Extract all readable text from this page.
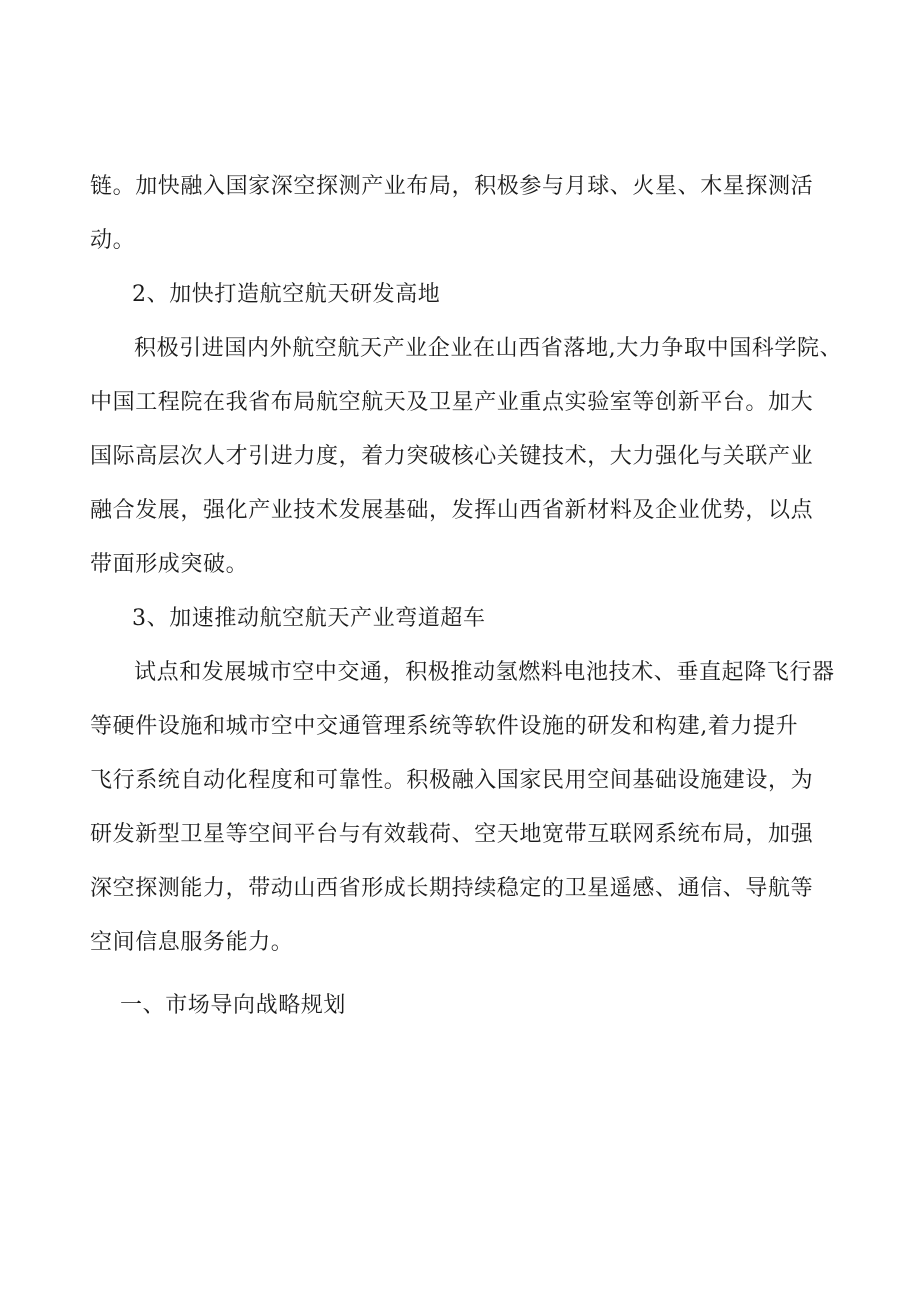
链。加快融入国家深空探测产业布局，积极参与月球、火星、木星探测活
动。
2、加快打造航空航天研发高地
积极引进国内外航空航天产业企业在山西省落地,大力争取中国科学院、
中国工程院在我省布局航空航天及卫星产业重点实验室等创新平台。加大
国际高层次人才引进力度，着力突破核心关键技术，大力强化与关联产业
融合发展，强化产业技术发展基础，发挥山西省新材料及企业优势，以点
带面形成突破。
3、加速推动航空航天产业弯道超车
试点和发展城市空中交通，积极推动氢燃料电池技术、垂直起降飞行器
等硬件设施和城市空中交通管理系统等软件设施的研发和构建,着力提升
飞行系统自动化程度和可靠性。积极融入国家民用空间基础设施建设，为
研发新型卫星等空间平台与有效载荷、空天地宽带互联网系统布局，加强
深空探测能力，带动山西省形成长期持续稳定的卫星遥感、通信、导航等
空间信息服务能力。
一、市场导向战略规划
